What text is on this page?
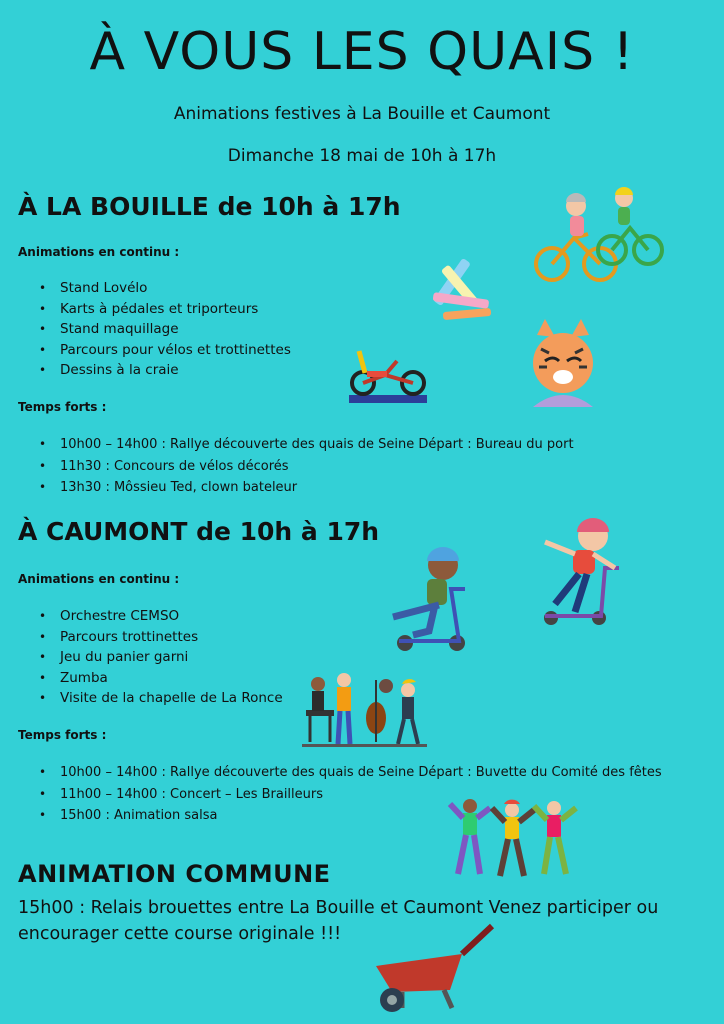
À VOUS LES QUAIS !
Animations festives à La Bouille et Caumont
Dimanche 18 mai de 10h à 17h
À LA BOUILLE de 10h à 17h
Animations en continu :
• Stand Lovélo
• Karts à pédales et triporteurs
• Stand maquillage
• Parcours pour vélos et trottinettes
• Dessins à la craie
Temps forts :
• 10h00 – 14h00 : Rallye découverte des quais de Seine Départ : Bureau du port
• 11h30 : Concours de vélos décorés
• 13h30 : Môssieu Ted, clown bateleur
À CAUMONT de 10h à 17h
Animations en continu :
• Orchestre CEMSO
• Parcours trottinettes
• Jeu du panier garni
• Zumba
• Visite de la chapelle de La Ronce
Temps forts :
• 10h00 – 14h00 : Rallye découverte des quais de Seine Départ : Buvette du Comité des fêtes
• 11h00 – 14h00 : Concert – Les Brailleurs
• 15h00 : Animation salsa
ANIMATION COMMUNE
15h00 : Relais brouettes entre La Bouille et Caumont Venez participer ou encourager cette course originale !!!
